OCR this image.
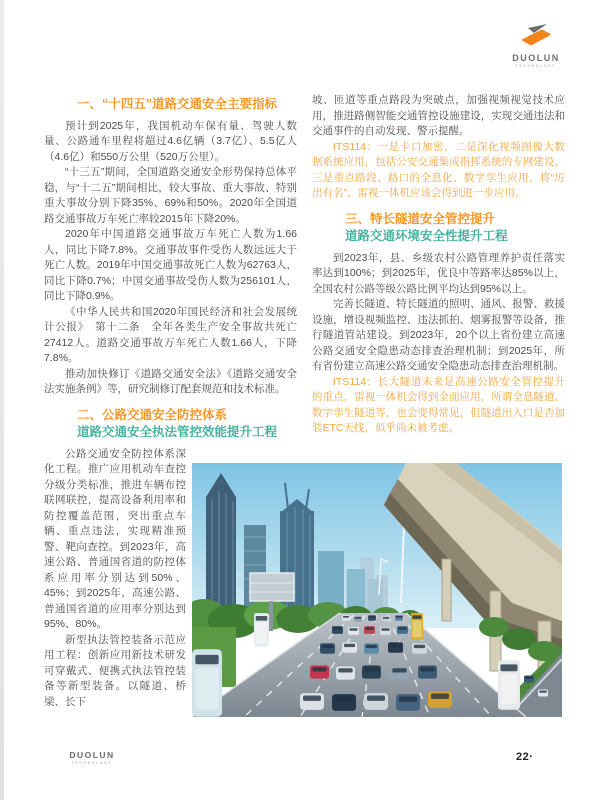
DUOLUN
TECHNOLOGY
一、“十四五”道路交通安全主要指标

预计到2025年，我国机动车保有量、驾驶人数量、公路通车里程将超过4.6亿辆（3.7亿）、5.5亿人（4.6亿）和550万公里（520万公里）。

“十三五”期间，全国道路交通安全形势保持总体平稳，与“十二五”期间相比，较大事故、重大事故、特别重大事故分别下降35%、69%和50%。2020年全国道路交通事故万车死亡率较2015年下降20%。

2020年中国道路交通事故万车死亡人数为1.66人，同比下降7.8%。交通事故事件受伤人数远远大于死亡人数。2019年中国交通事故死亡人数为62763人，同比下降0.7%；中国交通事故受伤人数为256101人，同比下降0.9%。

《中华人民共和国2020年国民经济和社会发展统计公报》　第十二条　全年各类生产安全事故共死亡27412人。道路交通事故万车死亡人数1.66人，下降7.8%。

推动加快修订《道路交通安全法》《道路交通安全法实施条例》等，研究制修订配套规范和技术标准。

二、公路交通安全防控体系
道路交通安全执法管控效能提升工程

公路交通安全防控体系深化工程。推广应用机动车查控分级分类标准，推进车辆布控联网联控，提高设备利用率和防控覆盖范围，突出重点车辆、重点违法，实现精准预警、靶向查控。到2023年，高速公路、普通国省道的防控体系应用率分别达到50%、45%；到2025年，高速公路、普通国省道的应用率分别达到95%、80%。

新型执法管控装备示范应用工程：创新应用新技术研发可穿戴式、便携式执法管控装备等新型装备。以隧道、桥梁、长下

坡、匝道等重点路段为突破点，加强视频视觉技术应用，推进路侧智能交通管控设施建设，实现交通违法和交通事件的自动发现、警示提醒。

ITS114：一是卡口加密，二是深化视频图像大数据系统应用，包括公安交通集成指挥系统的专网建设，三是重点路段、路口的全息化、数字孪生应用，将“厉出有名”，雷视一体机应该会得到进一步应用。

三、特长隧道安全管控提升
道路交通环境安全性提升工程

到2023年，县、乡级农村公路管理养护责任落实率达到100%；到2025年，优良中等路率达85%以上，全国农村公路等级公路比例平均达到95%以上。

完善长隧道、特长隧道的照明、通风、报警、救援设施，增设视频监控、违法抓拍、烟雾报警等设备，推行隧道管站建设。到2023年，20个以上省份建立高速公路交通安全隐患动态排查治理机制；到2025年，所有省份建立高速公路交通安全隐患动态排查治理机制。

ITS114：长大隧道未来是高速公路安全管控提升的重点，雷视一体机会得到全面应用，所谓全息隧道、数字孪生隧道等，也会变得常见，但隧道出入口是否加装ETC天线，似乎尚未被考虑。

DUOLUN
TECHNOLOGY	22·
